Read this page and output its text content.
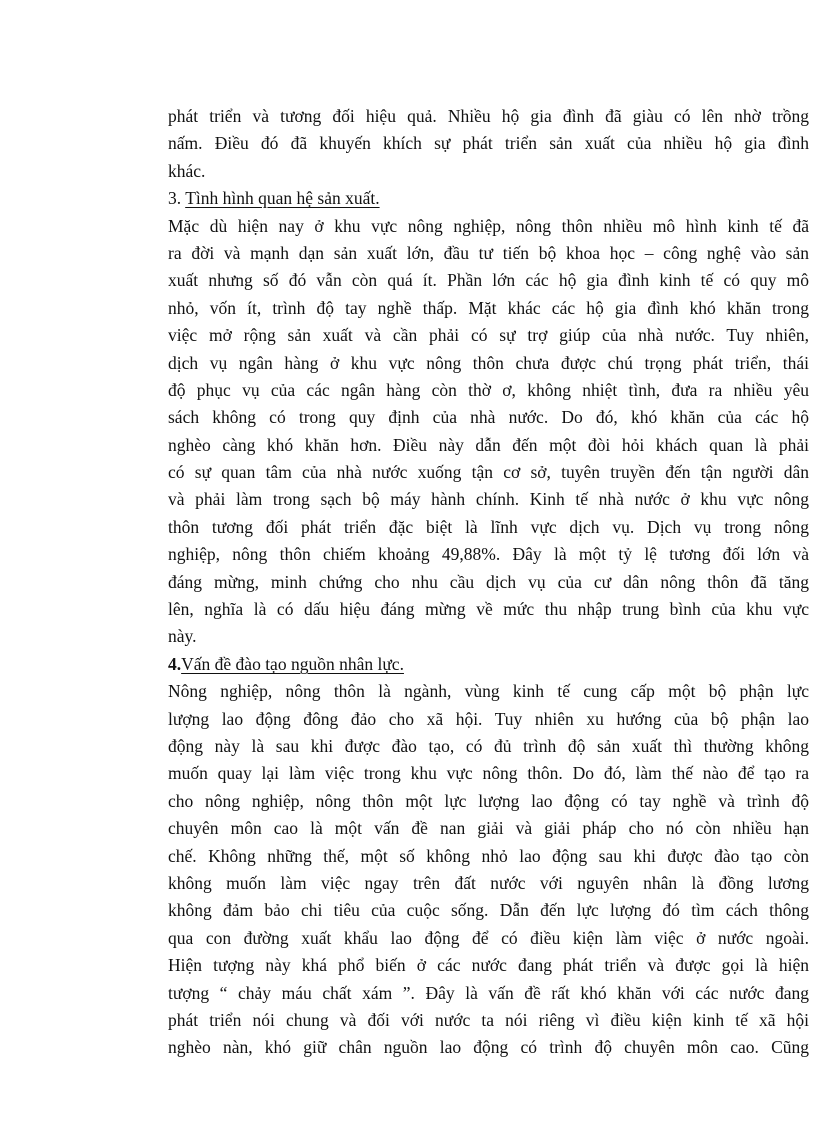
phát triển và tương đối hiệu quả. Nhiều hộ gia đình đã giàu có lên nhờ trồng
nấm. Điều đó đã khuyến khích sự phát triển sản xuất của nhiều hộ gia đình
khác.
3. Tình hình quan hệ sản xuất.
Mặc dù hiện nay ở khu vực nông nghiệp, nông thôn nhiều mô hình kinh tế đã
ra đời và mạnh dạn sản xuất lớn, đầu tư tiến bộ khoa học – công nghệ vào sản
xuất nhưng số đó vẫn còn quá ít. Phần lớn các hộ gia đình kinh tế có quy mô
nhỏ, vốn ít, trình độ tay nghề thấp. Mặt khác các hộ gia đình khó khăn trong
việc mở rộng sản xuất và cần phải có sự trợ giúp của nhà nước. Tuy nhiên,
dịch vụ ngân hàng ở khu vực nông thôn chưa được chú trọng phát triển, thái
độ phục vụ của các ngân hàng còn thờ ơ, không nhiệt tình, đưa ra nhiều yêu
sách không có trong quy định của nhà nước. Do đó, khó khăn của các hộ
nghèo càng khó khăn hơn. Điều này dẫn đến một đòi hỏi khách quan là phải
có sự quan tâm của nhà nước xuống tận cơ sở, tuyên truyền đến tận người dân
và phải làm trong sạch bộ máy hành chính. Kinh tế nhà nước ở khu vực nông
thôn tương đối phát triển đặc biệt là lĩnh vực dịch vụ. Dịch vụ trong nông
nghiệp, nông thôn chiếm khoảng 49,88%. Đây là một tỷ lệ tương đối lớn và
đáng mừng, minh chứng cho nhu cầu dịch vụ của cư dân nông thôn đã tăng
lên, nghĩa là có dấu hiệu đáng mừng về mức thu nhập trung bình của khu vực
này.
4.Vấn đề đào tạo nguồn nhân lực.
Nông nghiệp, nông thôn là ngành, vùng kinh tế cung cấp một bộ phận lực
lượng lao động đông đảo cho xã hội. Tuy nhiên xu hướng của bộ phận lao
động này là sau khi được đào tạo, có đủ trình độ sản xuất thì thường không
muốn quay lại làm việc trong khu vực nông thôn. Do đó, làm thế nào để tạo ra
cho nông nghiệp, nông thôn một lực lượng lao động có tay nghề và trình độ
chuyên môn cao là một vấn đề nan giải và giải pháp cho nó còn nhiều hạn
chế. Không những thế, một số không nhỏ lao động sau khi được đào tạo còn
không muốn làm việc ngay trên đất nước với nguyên nhân là đồng lương
không đảm bảo chi tiêu của cuộc sống. Dẫn đến lực lượng đó tìm cách thông
qua con đường xuất khẩu lao động để có điều kiện làm việc ở nước ngoài.
Hiện tượng này khá phổ biến ở các nước đang phát triển và được gọi là hiện
tượng “ chảy máu chất xám ”. Đây là vấn đề rất khó khăn với các nước đang
phát triển nói chung và đối với nước ta nói riêng vì điều kiện kinh tế xã hội
nghèo nàn, khó giữ chân nguồn lao động có trình độ chuyên môn cao. Cũng
